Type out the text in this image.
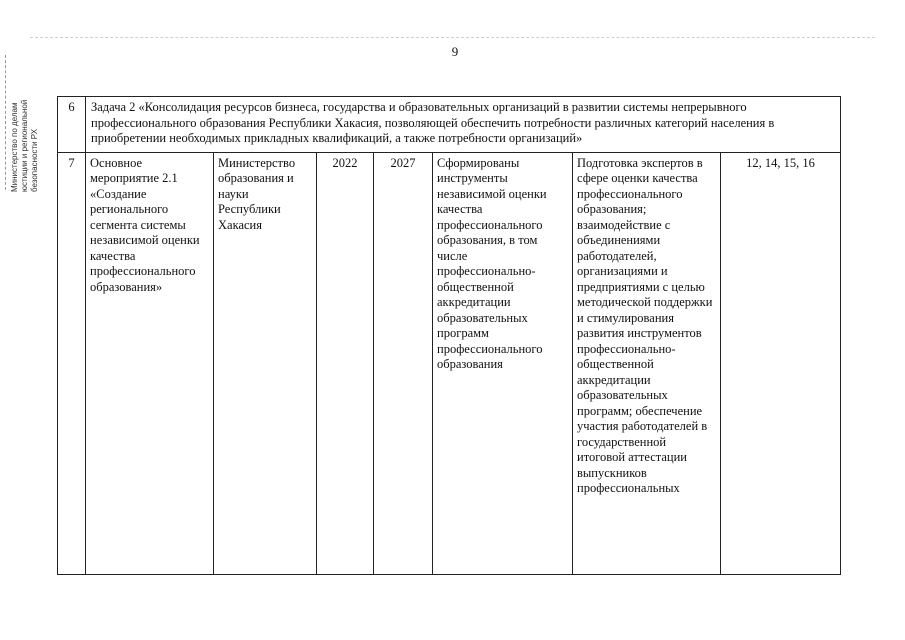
9
Министерство по делам юстиции и региональной безопасности РХ
6	Задача 2 «Консолидация ресурсов бизнеса, государства и образовательных организаций в развитии системы непрерывного профессионального образования Республики Хакасия, позволяющей обеспечить потребности различных категорий населения в приобретении необходимых прикладных квалификаций, а также потребности организаций»						
7	Основное мероприятие 2.1 «Создание регионального сегмента системы независимой оценки качества профессионального образования»	Министерство образования и науки Республики Хакасия	2022	2027	Сформированы инструменты независимой оценки качества профессионального образования, в том числе профессионально-общественной аккредитации образовательных программ профессионального образования	Подготовка экспертов в сфере оценки качества профессионального образования; взаимодействие с объединениями работодателей, организациями и предприятиями с целью методической поддержки и стимулирования развития инструментов профессионально-общественной аккредитации образовательных программ; обеспечение участия работодателей в государственной итоговой аттестации выпускников профессиональных	12, 14, 15, 16
